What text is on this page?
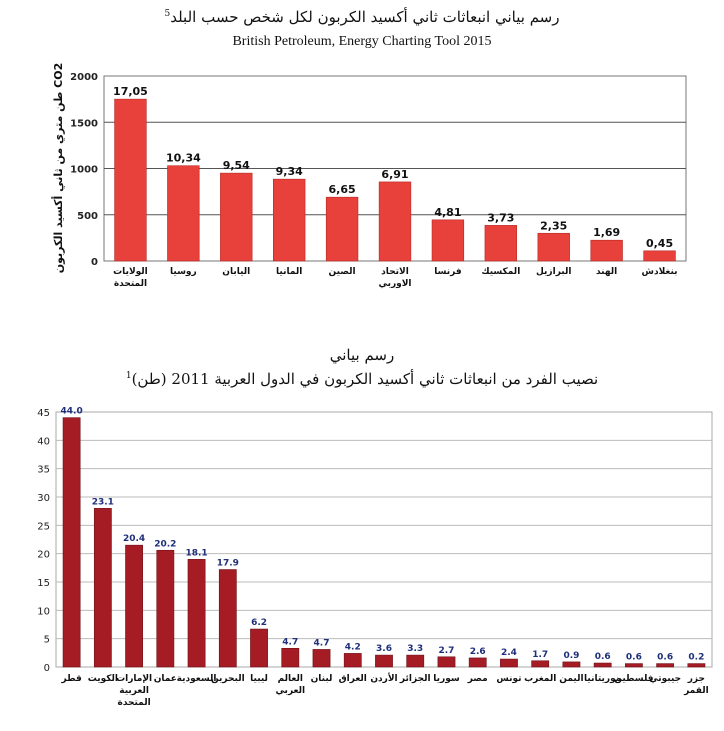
رسم بياني انبعاثات ثاني أكسيد الكربون لكل شخص حسب البلد$^5$
British Petroleum, Energy Charting Tool 2015
رسم بياني
نصيب الفرد من انبعاثات ثاني أكسيد الكربون في الدول العربية 2011 (طن)$^1$
0
500
1000
1500
2000
17,05
الولايات المتحدة
10,34
روسيا
9,54
اليابان
9,34
المانيا
6,65
الصين
6,91
الاتحاد الاوربي
4,81
فرنسا
3,73
المكسيك
2,35
البرازيل
1,69
الهند
0,45
بنغلادش
0
5
10
15
20
25
30
35
40
45 44.0
قطر
23.1
الكويت
20.4
الإمارات العربية المتحدة
20.2
عمان
18.1
السعودية
17.9
البحرين
6.2
ليبيا
4.7
العالم العربي
4.7
لبنان
4.2
العراق
3.6
الأردن
3.3
الجزائر
2.7
سوريا
2.6
مصر
2.4
تونس
1.7
المغرب
0.9
اليمن
0.6
موريتانيا
0.6
فلسطين
0.6
جيبوتي
0.2
جزر القمر
طن متري من ثاني أكسيد الكربون CO2
